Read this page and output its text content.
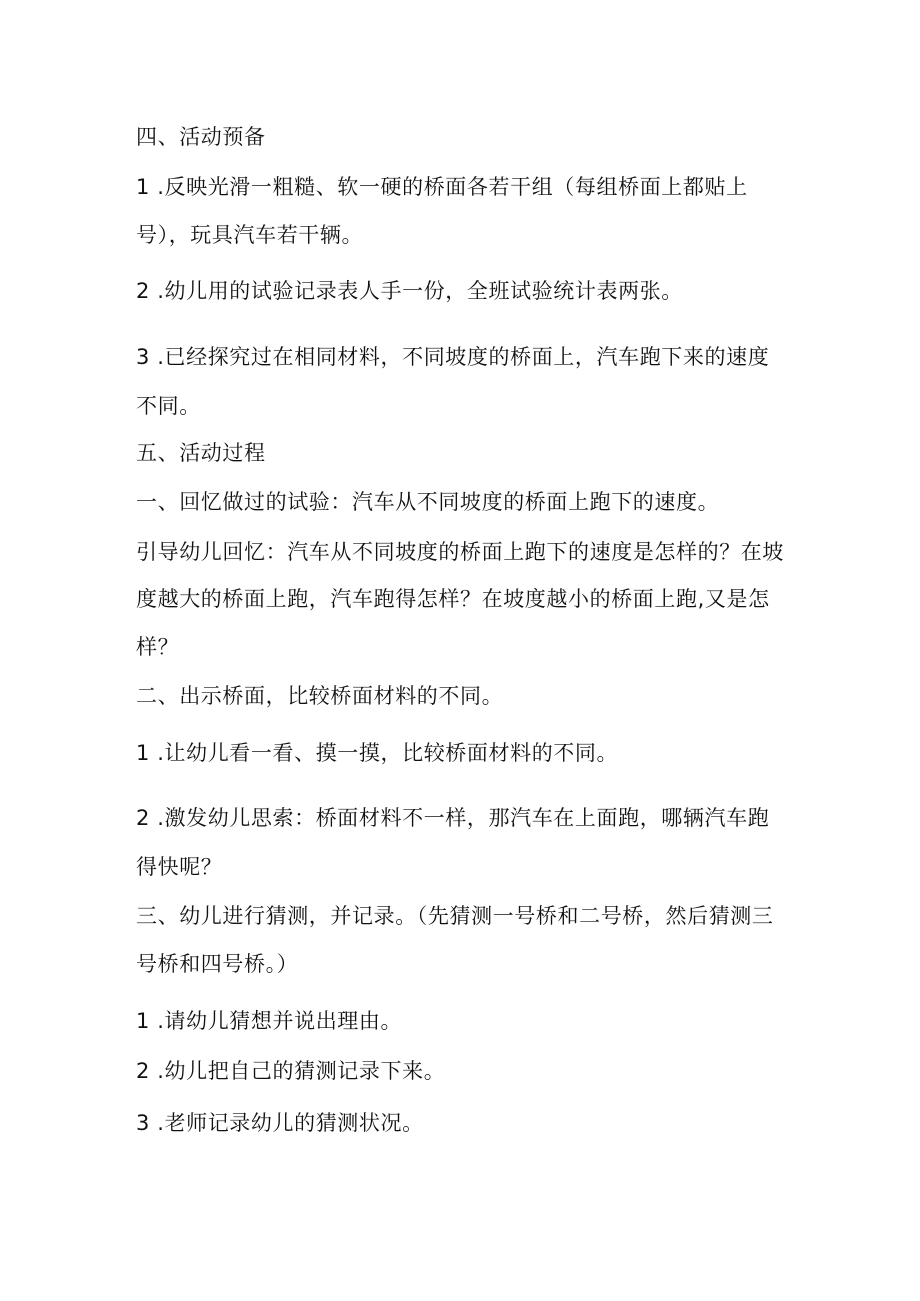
四、活动预备
1 .反映光滑一粗糙、软一硬的桥面各若干组（每组桥面上都贴上
号），玩具汽车若干辆。
2 .幼儿用的试验记录表人手一份，全班试验统计表两张。
3 .已经探究过在相同材料，不同坡度的桥面上，汽车跑下来的速度
不同。
五、活动过程
一、回忆做过的试验：汽车从不同坡度的桥面上跑下的速度。
引导幼儿回忆：汽车从不同坡度的桥面上跑下的速度是怎样的？在坡
度越大的桥面上跑，汽车跑得怎样？在坡度越小的桥面上跑,又是怎
样？
二、出示桥面，比较桥面材料的不同。
1 .让幼儿看一看、摸一摸，比较桥面材料的不同。
2 .激发幼儿思索：桥面材料不一样，那汽车在上面跑，哪辆汽车跑
得快呢？
三、幼儿进行猜测，并记录。（先猜测一号桥和二号桥，然后猜测三
号桥和四号桥。）
1 .请幼儿猜想并说出理由。
2 .幼儿把自己的猜测记录下来。
3 .老师记录幼儿的猜测状况。
